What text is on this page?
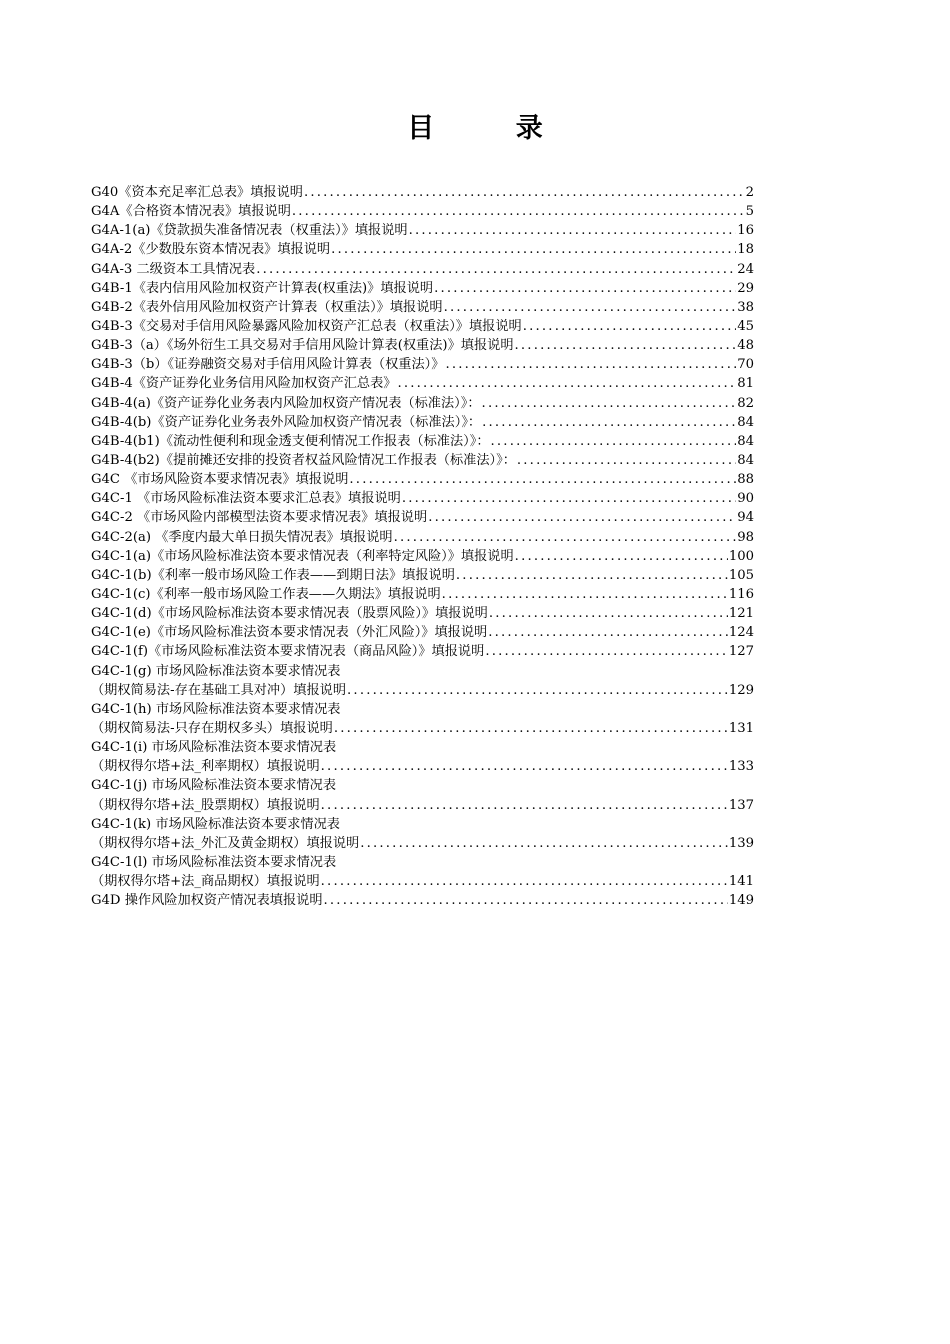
目 录
G40《资本充足率汇总表》填报说明 .....	2
G4A《合格资本情况表》填报说明 .....	5
G4A-1(a)《贷款损失准备情况表（权重法）》填报说明 .....	16
G4A-2《少数股东资本情况表》填报说明 .....	18
G4A-3 二级资本工具情况表 .....	24
G4B-1《表内信用风险加权资产计算表(权重法)》填报说明 .....	29
G4B-2《表外信用风险加权资产计算表（权重法）》填报说明 .....	38
G4B-3《交易对手信用风险暴露风险加权资产汇总表（权重法）》填报说明 .....	45
G4B-3（a）《场外衍生工具交易对手信用风险计算表(权重法)》填报说明 .....	48
G4B-3（b）《证券融资交易对手信用风险计算表（权重法）》 .....	70
G4B-4《资产证券化业务信用风险加权资产汇总表》 .....	81
G4B-4(a)《资产证券化业务表内风险加权资产情况表（标准法）》： .....	82
G4B-4(b)《资产证券化业务表外风险加权资产情况表（标准法）》： .....	84
G4B-4(b1)《流动性便利和现金透支便利情况工作报表（标准法）》： .....	84
G4B-4(b2)《提前摊还安排的投资者权益风险情况工作报表（标准法）》： .....	84
G4C 《市场风险资本要求情况表》填报说明 .....	88
G4C-1 《市场风险标准法资本要求汇总表》填报说明 .....	90
G4C-2 《市场风险内部模型法资本要求情况表》填报说明 .....	94
G4C-2(a) 《季度内最大单日损失情况表》填报说明 .....	98
G4C-1(a)《市场风险标准法资本要求情况表（利率特定风险）》填报说明 .....	100
G4C-1(b)《利率一般市场风险工作表——到期日法》填报说明 .....	105
G4C-1(c)《利率一般市场风险工作表——久期法》填报说明 .....	116
G4C-1(d)《市场风险标准法资本要求情况表（股票风险）》填报说明 .....	121
G4C-1(e)《市场风险标准法资本要求情况表（外汇风险）》填报说明 .....	124
G4C-1(f)《市场风险标准法资本要求情况表（商品风险）》填报说明 .....	127
G4C-1(g) 市场风险标准法资本要求情况表
（期权简易法-存在基础工具对冲）填报说明 .....	129
G4C-1(h) 市场风险标准法资本要求情况表
（期权简易法-只存在期权多头）填报说明 .....	131
G4C-1(i) 市场风险标准法资本要求情况表
（期权得尔塔+法_利率期权）填报说明 .....	133
G4C-1(j) 市场风险标准法资本要求情况表
（期权得尔塔+法_股票期权）填报说明 .....	137
G4C-1(k) 市场风险标准法资本要求情况表
（期权得尔塔+法_外汇及黄金期权）填报说明 .....	139
G4C-1(l) 市场风险标准法资本要求情况表
（期权得尔塔+法_商品期权）填报说明 .....	141
G4D 操作风险加权资产情况表填报说明 .....	149
